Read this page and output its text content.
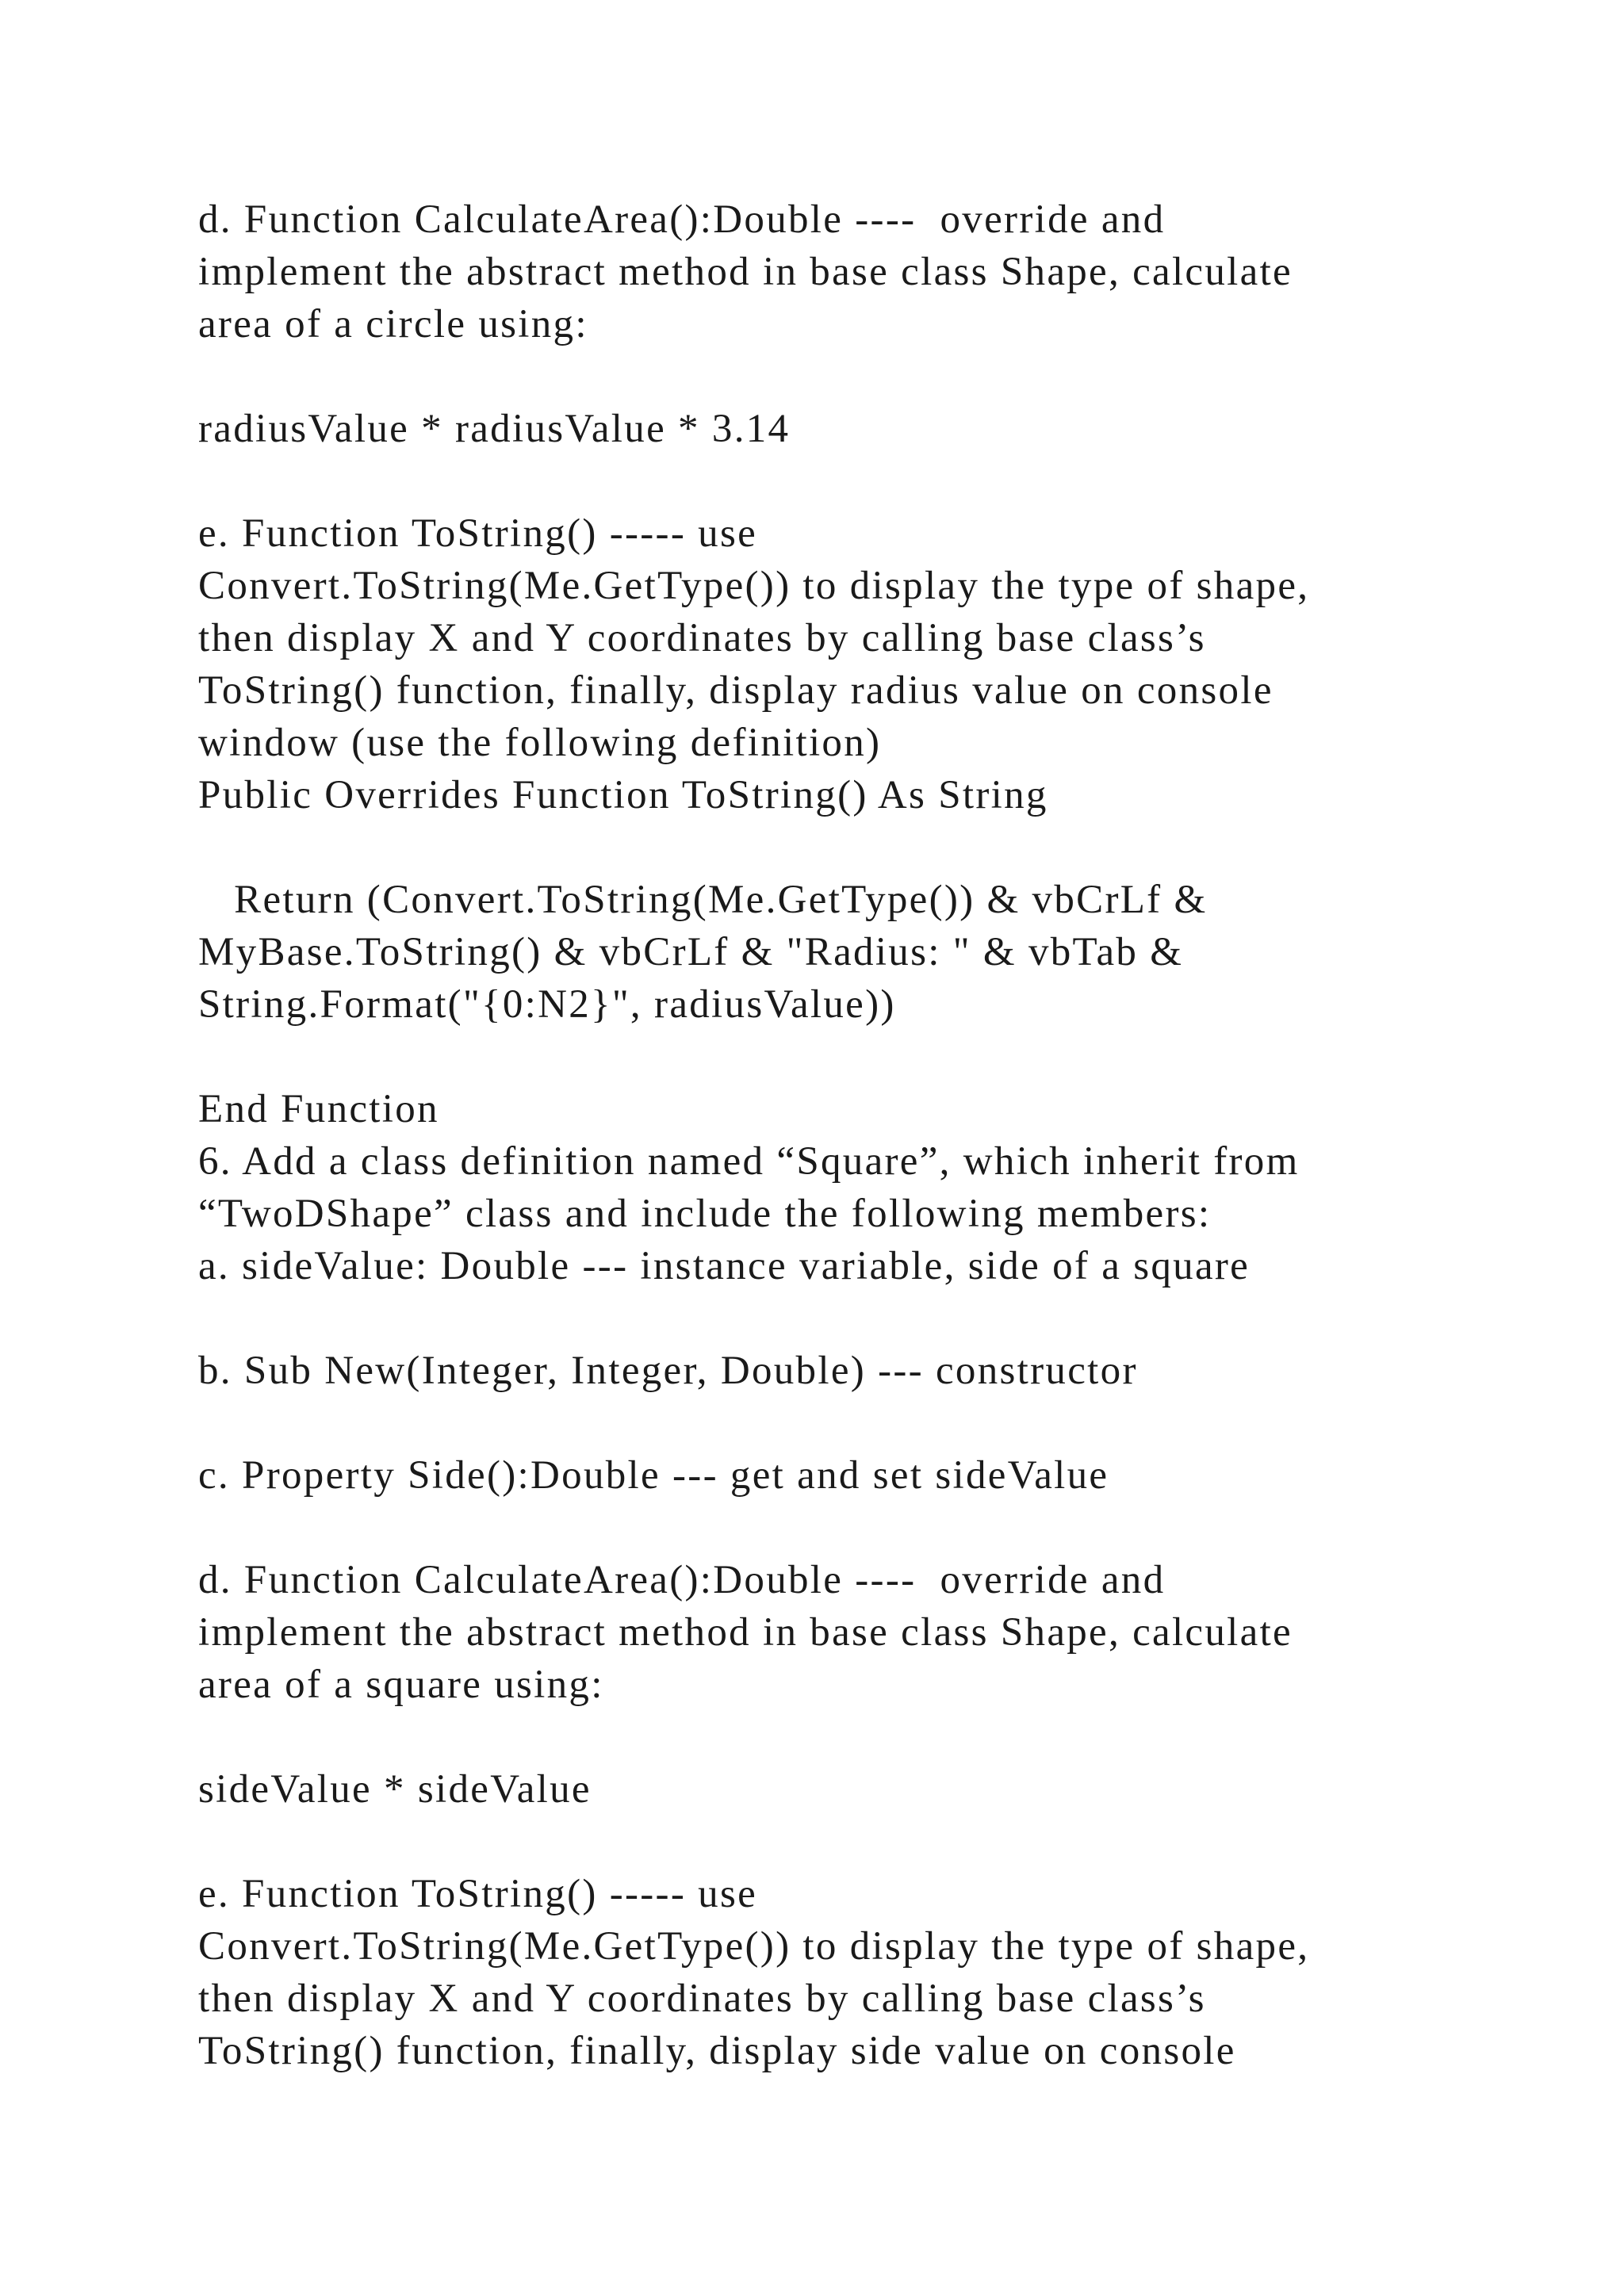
d. Function CalculateArea():Double ----  override and
implement the abstract method in base class Shape, calculate
area of a circle using:
radiusValue * radiusValue * 3.14
e. Function ToString() ----- use
Convert.ToString(Me.GetType()) to display the type of shape,
then display X and Y coordinates by calling base class’s
ToString() function, finally, display radius value on console
window (use the following definition)
Public Overrides Function ToString() As String
Return (Convert.ToString(Me.GetType()) & vbCrLf &
MyBase.ToString() & vbCrLf & "Radius: " & vbTab &
String.Format("{0:N2}", radiusValue))
End Function
6. Add a class definition named “Square”, which inherit from
“TwoDShape” class and include the following members:
a. sideValue: Double --- instance variable, side of a square
b. Sub New(Integer, Integer, Double) --- constructor
c. Property Side():Double --- get and set sideValue
d. Function CalculateArea():Double ----  override and
implement the abstract method in base class Shape, calculate
area of a square using:
sideValue * sideValue
e. Function ToString() ----- use
Convert.ToString(Me.GetType()) to display the type of shape,
then display X and Y coordinates by calling base class’s
ToString() function, finally, display side value on console
